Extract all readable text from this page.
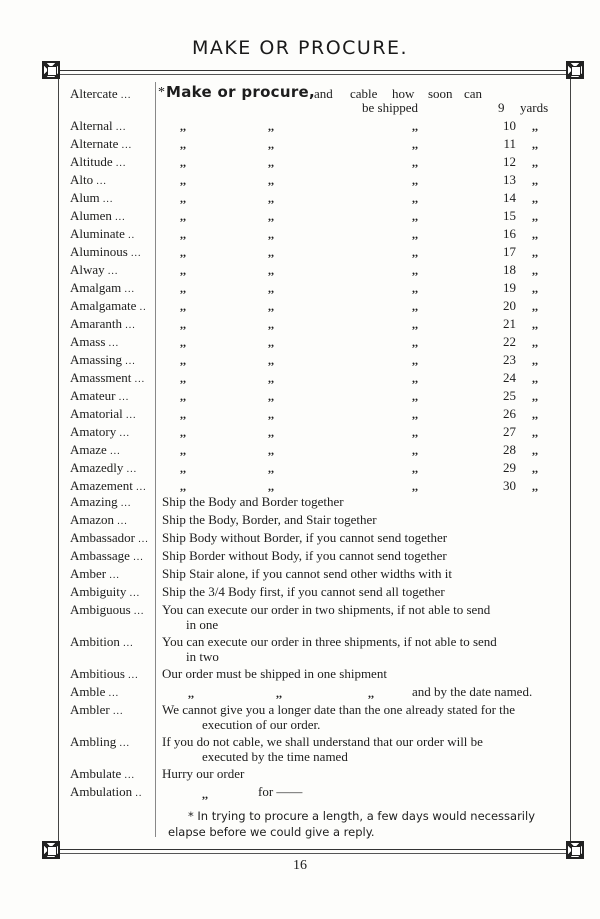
MAKE OR PROCURE.
* Make or procure,
and cable how soon can
be shipped	9 yards
Altercate ...
Alternal ...	,,	,,	,,	10 ,,
Alternate ...	,,	,,	,,	11 ,,
Altitude ...	,,	,,	,,	12 ,,
Alto ...	,,	,,	,,	13 ,,
Alum ...	,,	,,	,,	14 ,,
Alumen ...	,,	,,	,,	15 ,,
Aluminate ..	,,	,,	,,	16 ,,
Aluminous ...	,,	,,	,,	17 ,,
Alway ...	,,	,,	,,	18 ,,
Amalgam ...	,,	,,	,,	19 ,,
Amalgamate ..	,,	,,	,,	20 ,,
Amaranth ...	,,	,,	,,	21 ,,
Amass ...	,,	,,	,,	22 ,,
Amassing ...	,,	,,	,,	23 ,,
Amassment ...	,,	,,	,,	24 ,,
Amateur ...	,,	,,	,,	25 ,,
Amatorial ...	,,	,,	,,	26 ,,
Amatory ...	,,	,,	,,	27 ,,
Amaze ...	,,	,,	,,	28 ,,
Amazedly ...	,,	,,	,,	29 ,,
Amazement ...	,,	,,	,,	30 ,,
Amazing ...	Ship the Body and Border together
Amazon ...	Ship the Body, Border, and Stair together
Ambassador ...	Ship Body without Border, if you cannot send together
Ambassage ...	Ship Border without Body, if you cannot send together
Amber ...	Ship Stair alone, if you cannot send other widths with it
Ambiguity ...	Ship the 3/4 Body first, if you cannot send all together
Ambiguous ...	You can execute our order in two shipments, if not able to send
in one
Ambition ...	You can execute our order in three shipments, if not able to send
in two
Ambitious ...	Our order must be shipped in one shipment
Amble ...	,,	,,	,,	and by the date named.
Ambler ...	We cannot give you a longer date than the one already stated for the
execution of our order.
Ambling ...	If you do not cable, we shall understand that our order will be
executed by the time named
Ambulate ...	Hurry our order
Ambulation ..	,,	for ——
* In trying to procure a length, a few days would necessarily
elapse before we could give a reply.
16
